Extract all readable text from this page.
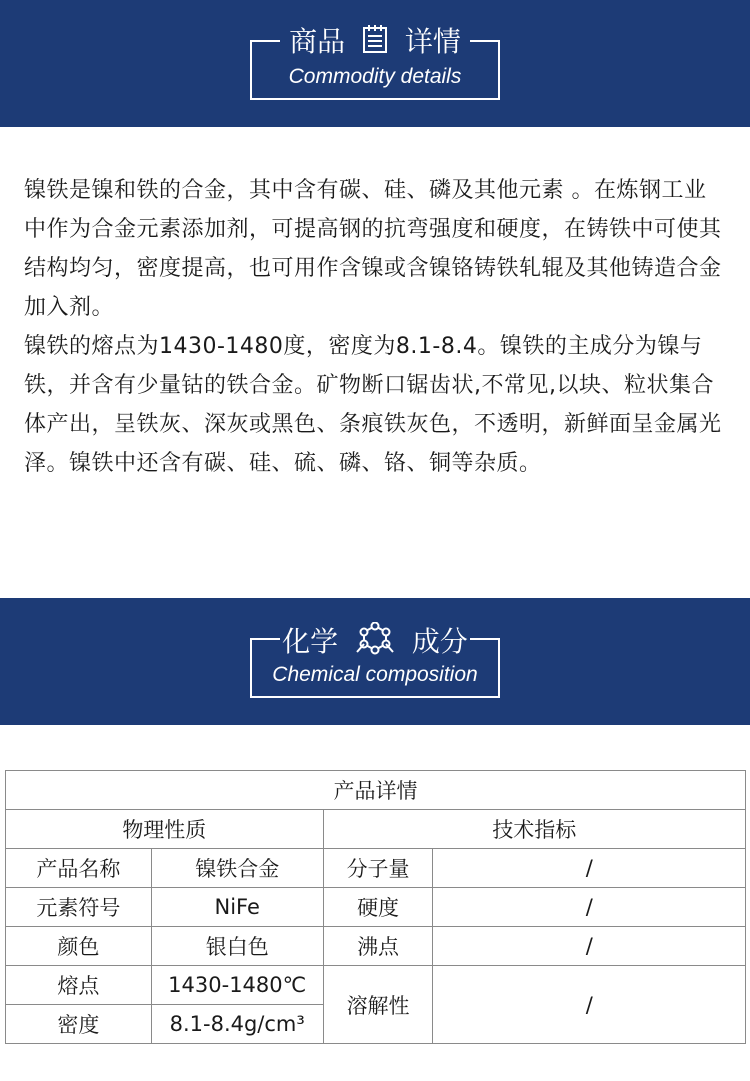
商品 详情
Commodity details

镍铁是镍和铁的合金，其中含有碳、硅、磷及其他元素 。在炼钢工业中作为合金元素添加剂，可提高钢的抗弯强度和硬度，在铸铁中可使其结构均匀，密度提高，也可用作含镍或含镍铬铸铁轧辊及其他铸造合金加入剂。

镍铁的熔点为1430-1480度，密度为8.1-8.4。镍铁的主成分为镍与铁，并含有少量钴的铁合金。矿物断口锯齿状,不常见,以块、粒状集合体产出，呈铁灰、深灰或黑色、条痕铁灰色，不透明，新鲜面呈金属光泽。镍铁中还含有碳、硅、硫、磷、铬、铜等杂质。

化学	成分
Chemical composition
产品详情			
物理性质		技术指标	
产品名称	镍铁合金	分子量	/
元素符号	NiFe	硬度	/
颜色	银白色	沸点	/
熔点	1430-1480℃	溶解性	/
密度	8.1-8.4g/cm³		
